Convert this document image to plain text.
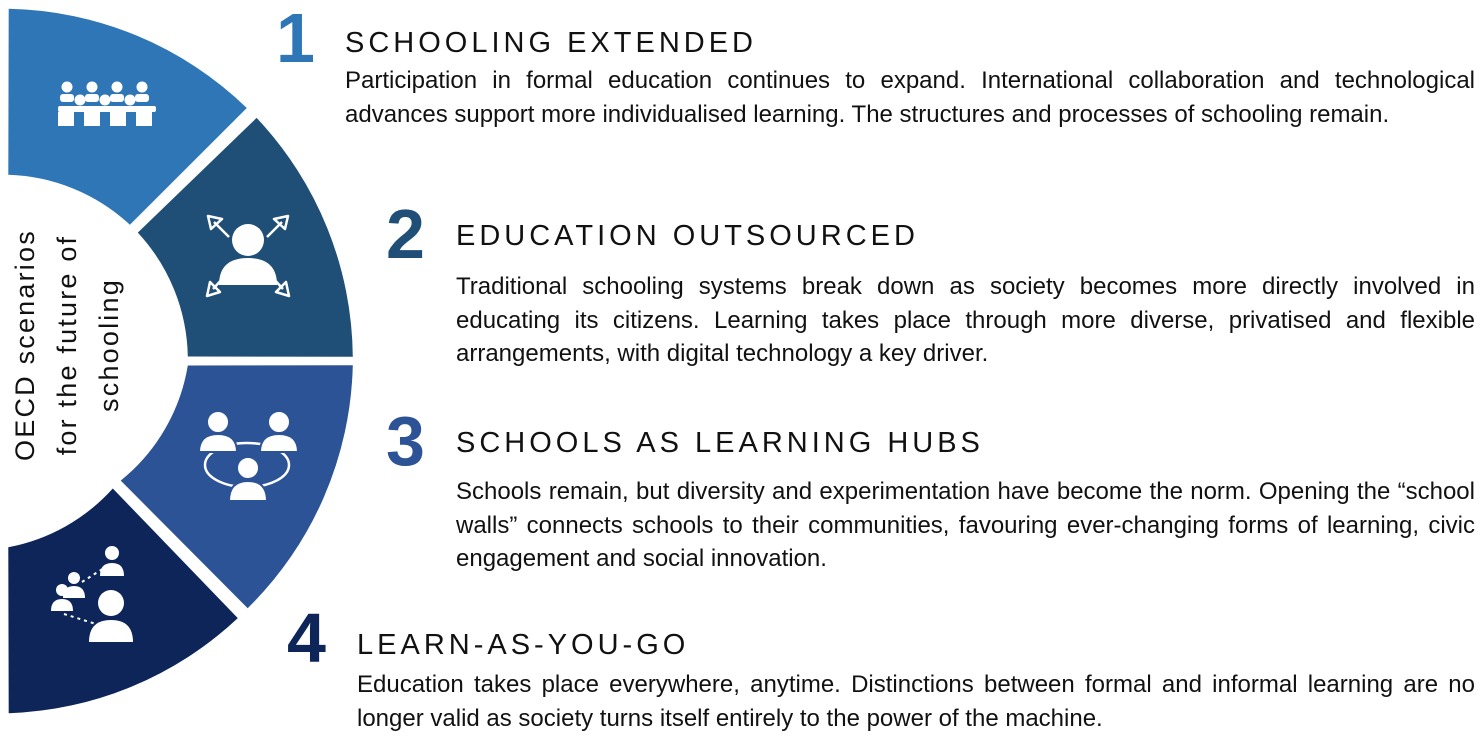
OECD scenarios for the future of schooling
1 SCHOOLING EXTENDED

Participation in formal education continues to expand. International collaboration and technological advances support more individualised learning. The structures and processes of schooling remain.

2 EDUCATION OUTSOURCED

Traditional schooling systems break down as society becomes more directly involved in educating its citizens. Learning takes place through more diverse, privatised and flexible arrangements, with digital technology a key driver.

3 SCHOOLS AS LEARNING HUBS

Schools remain, but diversity and experimentation have become the norm. Opening the “school walls” connects schools to their communities, favouring ever-changing forms of learning, civic engagement and social innovation.

4 LEARN-AS-YOU-GO

Education takes place everywhere, anytime. Distinctions between formal and informal learning are no longer valid as society turns itself entirely to the power of the machine.
